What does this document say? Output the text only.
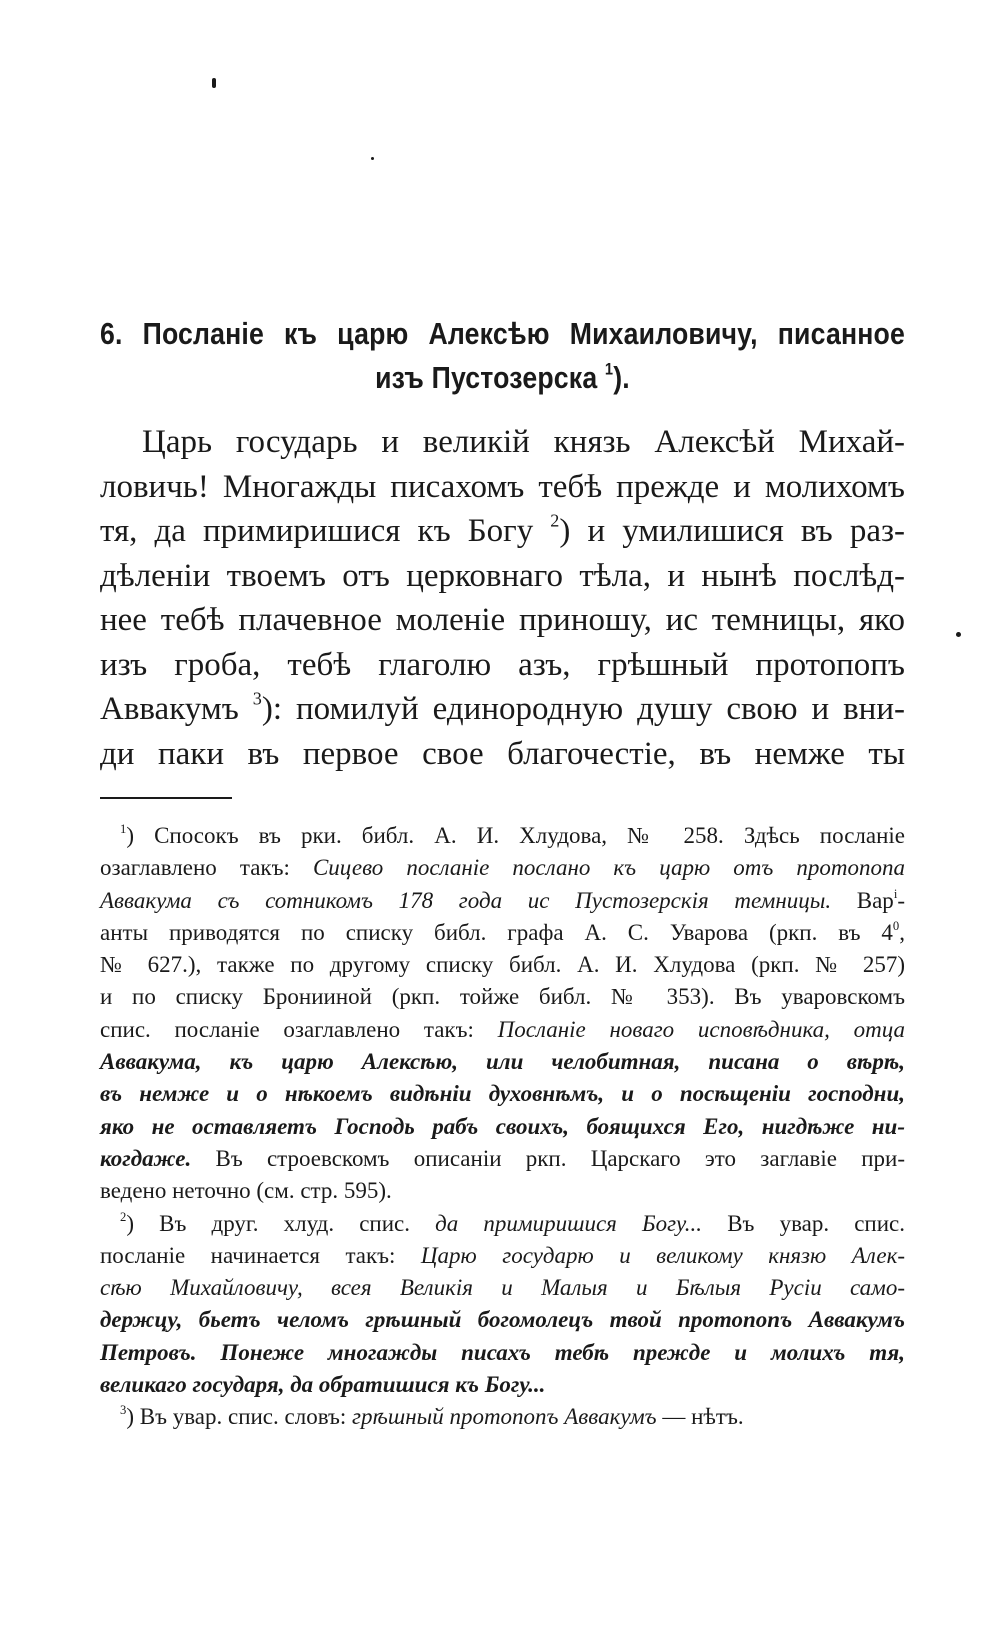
6. Посланіе къ царю Алексѣю Михаиловичу, писанное
изъ Пустозерска $^1$).
Царь государь и великій князь Алексѣй Михай-
ловичь! Многажды писахомъ тебѣ прежде и молихомъ
тя, да примиришися къ Богу $^2$) и умилишися въ раз-
дѣленіи твоемъ отъ церковнаго тѣла, и нынѣ послѣд-
нее тебѣ плачевное моленіе приношу, ис темницы, яко
изъ гроба, тебѣ глаголю азъ, грѣшный протопопъ
Аввакумъ $^3$): помилуй единородную душу свою и вни-
ди паки въ первое свое благочестіе, въ немже ты
$^1$) Спосокъ въ рки. библ. А. И. Хлудова, № 258. Здѣсь посланіе
озаглавлено такъ: Сицево посланіе послано къ царю отъ протопопа
Аввакума съ сотникомъ 178 года ис Пустозерскія темницы. Вар$^і$-
анты приводятся по списку библ. графа А. С. Уварова (ркп. въ $4^0$,
№ 627.), также по другому списку библ. А. И. Хлудова (ркп. № 257)
и по списку Бронииной (ркп. тойже библ. № 353). Въ уваровскомъ
спис. посланіе озаглавлено такъ: Посланіе новаго исповѣдника, отца
Аввакума, къ царю Алексѣю, или челобитная, писана о вѣрѣ,
въ немже и о нѣкоемъ видѣніи духовнѣмъ, и о посѣщеніи господни,
яко не оставляетъ Господь рабъ своихъ, боящихся Его, нигдѣже ни-
когдаже. Въ строевскомъ описаніи ркп. Царскаго это заглавіе при-
ведено неточно (см. стр. 595).
$^2$) Въ друг. хлуд. спис. да примиришися Богу... Въ увар. спис.
посланіе начинается такъ: Царю государю и великому князю Алек-
сѣю Михайловичу, всея Великія и Малыя и Бѣлыя Русіи само-
держцу, бьетъ челомъ грѣшный богомолецъ твой протопопъ Аввакумъ
Петровъ. Понеже многажды писахъ тебѣ прежде и молихъ тя,
великаго государя, да обратишися къ Богу...
$^3$) Въ увар. спис. словъ: грѣшный протопопъ Аввакумъ — нѣтъ.
